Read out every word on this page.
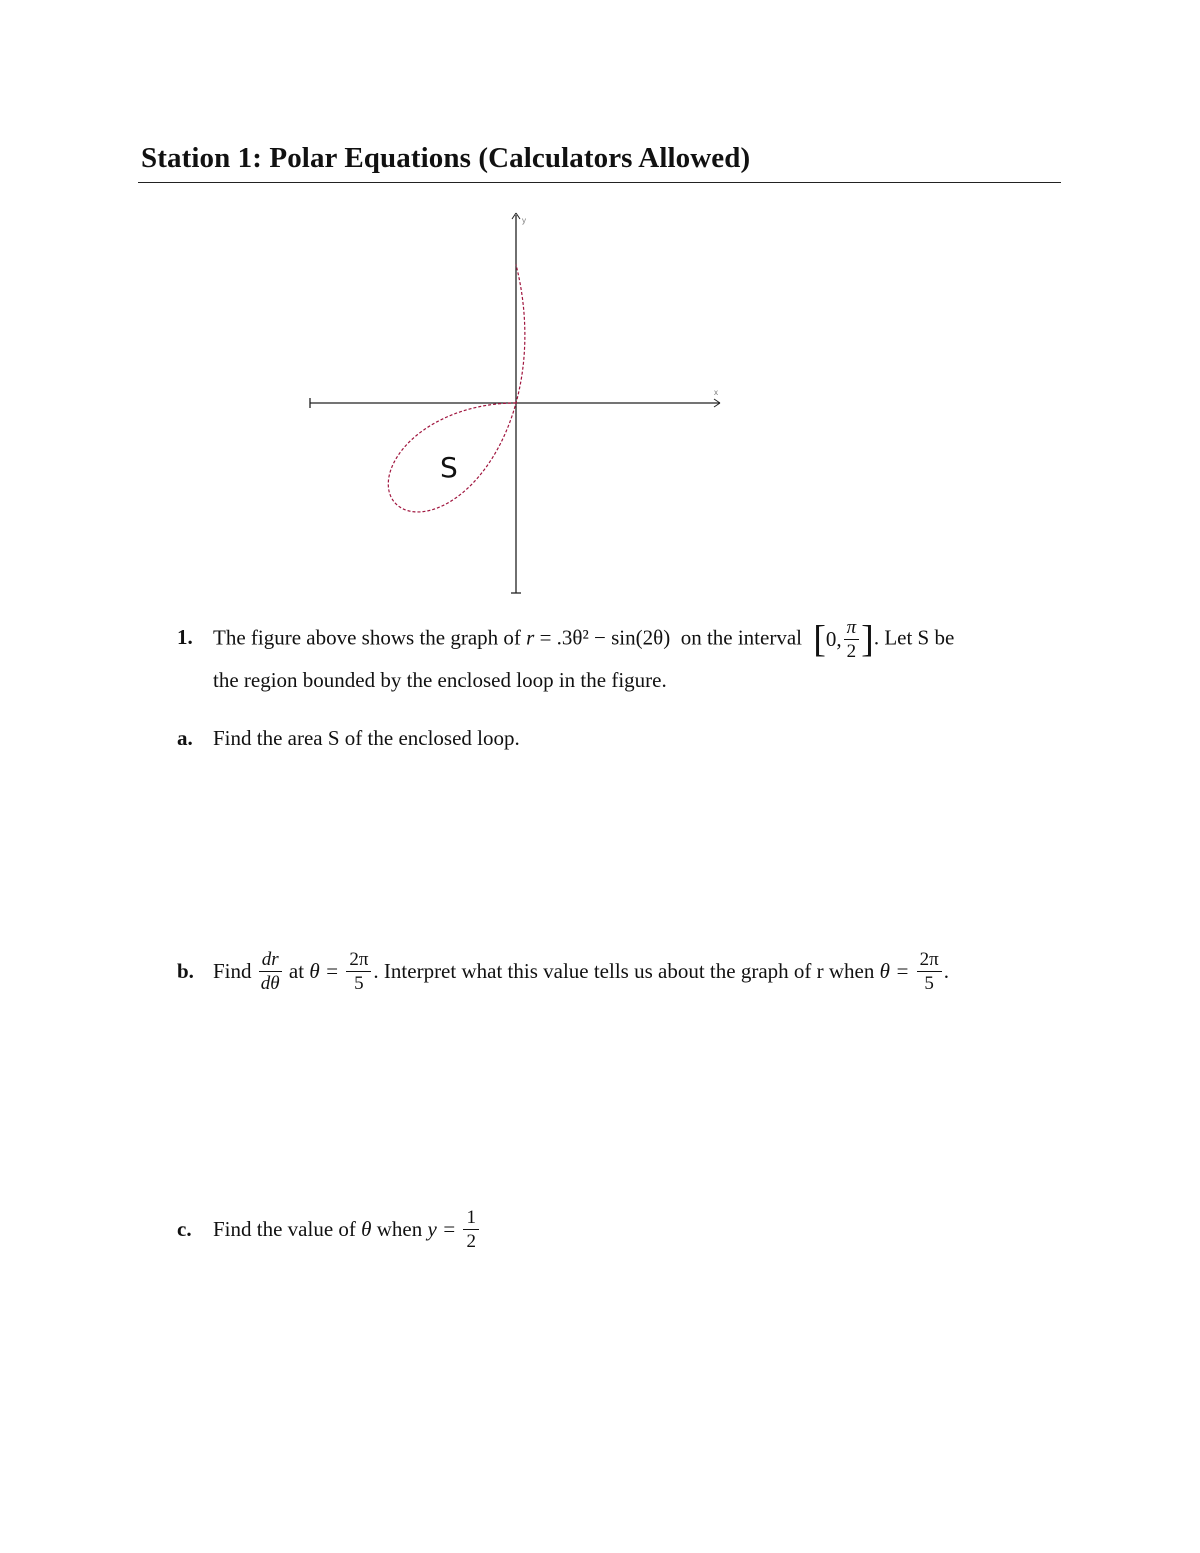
Station 1: Polar Equations (Calculators Allowed)
y
x
S
1. The figure above shows the graph of r = .3θ² − sin(2θ) on the interval [0, $\frac{\pi}{2}$ ]. Let S be
the region bounded by the enclosed loop in the figure.
a. Find the area S of the enclosed loop.
b. Find $\frac{dr}{d\theta}$ at $\theta = \frac{2\pi}{5}$ . Interpret what this value tells us about the graph of r when $\theta = \frac{2\pi}{5}$ .
c. Find the value of θ when $y = \frac{1}{2}$
